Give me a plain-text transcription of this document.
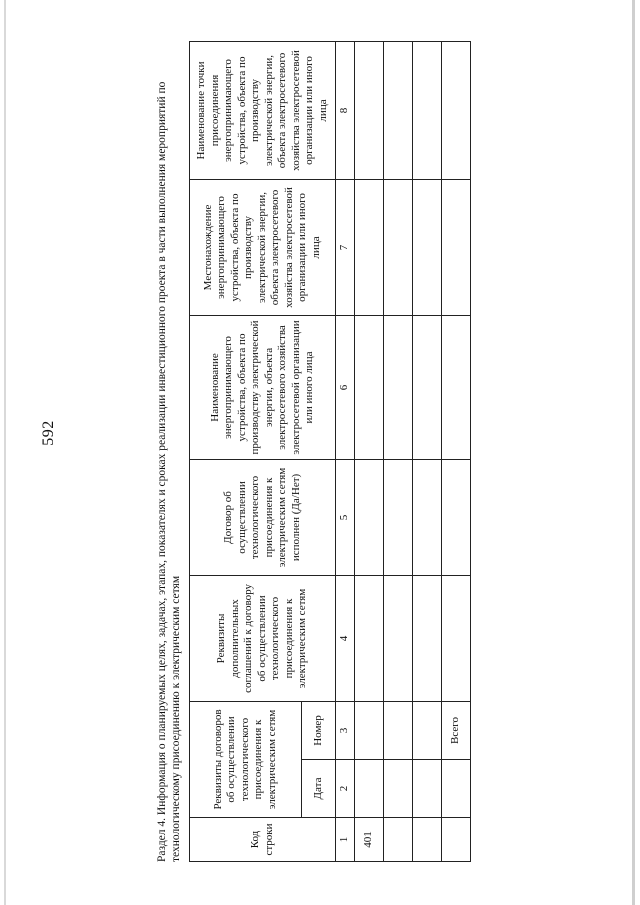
592	Раздел 4. Информация о планируемых целях, задачах, этапах, показателях и сроках реализации инвестиционного проекта в части выполнения мероприятий по технологическому присоединению к электрическим сетям	Код строки	Реквизиты договоров об осуществлении технологического присоединения к электрическим сетям		Реквизиты дополнительных соглашений к договору об осуществлении технологического присоединения к электрическим сетям	Договор об осуществлении технологического присоединения к электрическим сетям исполнен (Да/Нет)	Наименование энергопринимающего устройства, объекта по производству электрической энергии, объекта электросетевого хозяйства электросетевой организации или иного лица	Местонахождение энергопринимающего устройства, объекта по производству электрической энергии, объекта электросетевого хозяйства электросетевой организации или иного лица	Наименование точки присоединения энергопринимающего устройства, объекта по производству электрической энергии, объекта электросетевого хозяйства электросетевой организации или иного лица
	Дата	Номер					
1	2	3	4	5	6	7	8
401							

		Всего					
